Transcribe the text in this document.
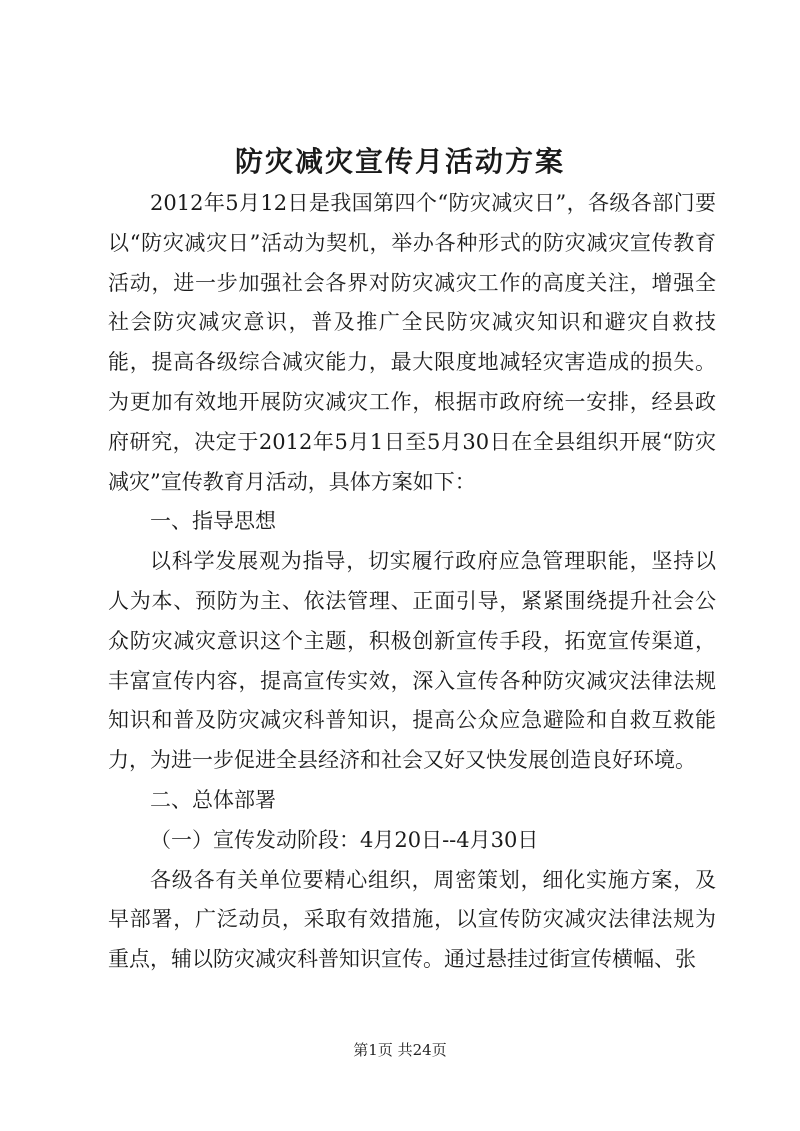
防灾减灾宣传月活动方案

2012年5月12日是我国第四个“防灾减灾日”，各级各部门要以“防灾减灾日”活动为契机，举办各种形式的防灾减灾宣传教育活动，进一步加强社会各界对防灾减灾工作的高度关注，增强全社会防灾减灾意识，普及推广全民防灾减灾知识和避灾自救技能，提高各级综合减灾能力，最大限度地减轻灾害造成的损失。为更加有效地开展防灾减灾工作，根据市政府统一安排，经县政府研究，决定于2012年5月1日至5月30日在全县组织开展“防灾减灾”宣传教育月活动，具体方案如下：

一、指导思想

以科学发展观为指导，切实履行政府应急管理职能，坚持以人为本、预防为主、依法管理、正面引导，紧紧围绕提升社会公众防灾减灾意识这个主题，积极创新宣传手段，拓宽宣传渠道，丰富宣传内容，提高宣传实效，深入宣传各种防灾减灾法律法规知识和普及防灾减灾科普知识，提高公众应急避险和自救互救能力，为进一步促进全县经济和社会又好又快发展创造良好环境。

二、总体部署

（一）宣传发动阶段：4月20日--4月30日

各级各有关单位要精心组织，周密策划，细化实施方案，及早部署，广泛动员，采取有效措施，以宣传防灾减灾法律法规为重点，辅以防灾减灾科普知识宣传。通过悬挂过街宣传横幅、张

第1页 共24页
